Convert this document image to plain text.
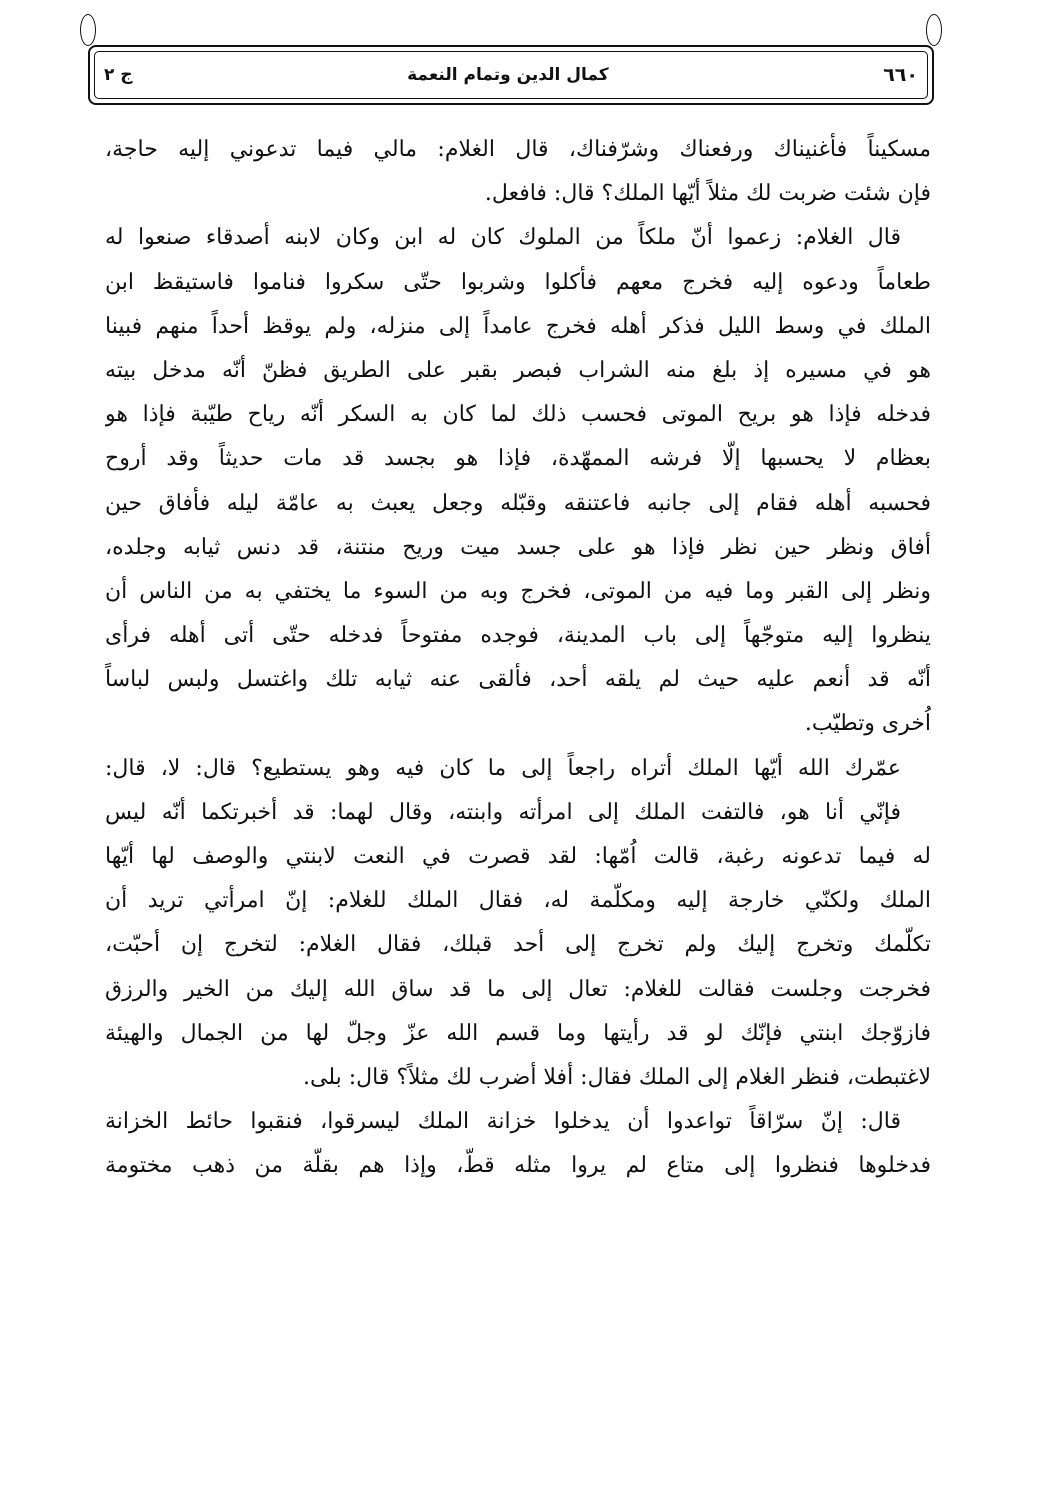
ج ٢	كمال الدين وتمام النعمة	٦٦٠
مسكيناً فأغنيناك ورفعناك وشرّفناك، قال الغلام: مالي فيما تدعوني إليه حاجة،
فإن شئت ضربت لك مثلاً أيّها الملك؟ قال: فافعل.
قال الغلام: زعموا أنّ ملكاً من الملوك كان له ابن وكان لابنه أصدقاء صنعوا له
طعاماً ودعوه إليه فخرج معهم فأكلوا وشربوا حتّى سكروا فناموا فاستيقظ ابن
الملك في وسط الليل فذكر أهله فخرج عامداً إلى منزله، ولم يوقظ أحداً منهم فبينا
هو في مسيره إذ بلغ منه الشراب فبصر بقبر على الطريق فظنّ أنّه مدخل بيته
فدخله فإذا هو بريح الموتى فحسب ذلك لما كان به السكر أنّه رياح طيّبة فإذا هو
بعظام لا يحسبها إلّا فرشه الممهّدة، فإذا هو بجسد قد مات حديثاً وقد أروح
فحسبه أهله فقام إلى جانبه فاعتنقه وقبّله وجعل يعبث به عامّة ليله فأفاق حين
أفاق ونظر حين نظر فإذا هو على جسد ميت وريح منتنة، قد دنس ثيابه وجلده،
ونظر إلى القبر وما فيه من الموتى، فخرج وبه من السوء ما يختفي به من الناس أن
ينظروا إليه متوجّهاً إلى باب المدينة، فوجده مفتوحاً فدخله حتّى أتى أهله فرأى
أنّه قد أنعم عليه حيث لم يلقه أحد، فألقى عنه ثيابه تلك واغتسل ولبس لباساً
اُخرى وتطيّب.
عمّرك الله أيّها الملك أتراه راجعاً إلى ما كان فيه وهو يستطيع؟ قال: لا، قال:
فإنّي أنا هو، فالتفت الملك إلى امرأته وابنته، وقال لهما: قد أخبرتكما أنّه ليس
له فيما تدعونه رغبة، قالت اُمّها: لقد قصرت في النعت لابنتي والوصف لها أيّها
الملك ولكنّي خارجة إليه ومكلّمة له، فقال الملك للغلام: إنّ امرأتي تريد أن
تكلّمك وتخرج إليك ولم تخرج إلى أحد قبلك، فقال الغلام: لتخرج إن أحبّت،
فخرجت وجلست فقالت للغلام: تعال إلى ما قد ساق الله إليك من الخير والرزق
فازوّجك ابنتي فإنّك لو قد رأيتها وما قسم الله عزّ وجلّ لها من الجمال والهيئة
لاغتبطت، فنظر الغلام إلى الملك فقال: أفلا أضرب لك مثلاً؟ قال: بلى.
قال: إنّ سرّاقاً تواعدوا أن يدخلوا خزانة الملك ليسرقوا، فنقبوا حائط الخزانة
فدخلوها فنظروا إلى متاع لم يروا مثله قطّ، وإذا هم بقلّة من ذهب مختومة
